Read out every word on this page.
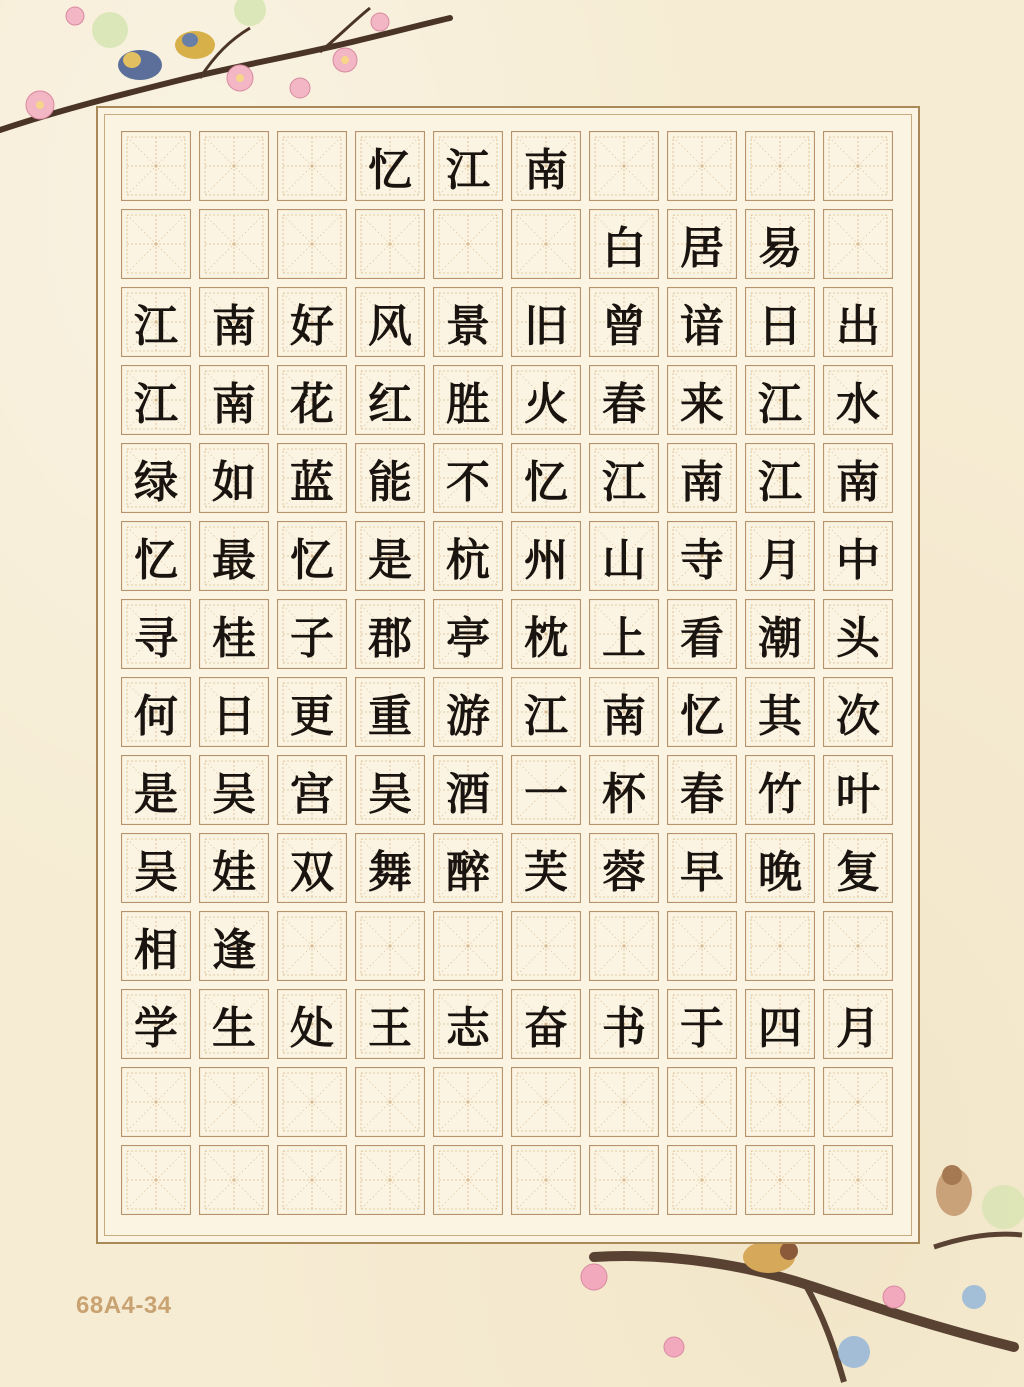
忆 江 南
白 居 易
江 南 好 风 景 旧 曾 谙 日 出
江 南 花 红 胜 火 春 来 江 水
绿 如 蓝 能 不 忆 江 南 江 南
忆 最 忆 是 杭 州 山 寺 月 中
寻 桂 子 郡 亭 枕 上 看 潮 头
何 日 更 重 游 江 南 忆 其 次
是 吴 宫 吴 酒 一 杯 春 竹 叶
吴 娃 双 舞 醉 芙 蓉 早 晚 复
相 逢
学 生 处 王 志 奋 书 于 四 月
68A4-34
